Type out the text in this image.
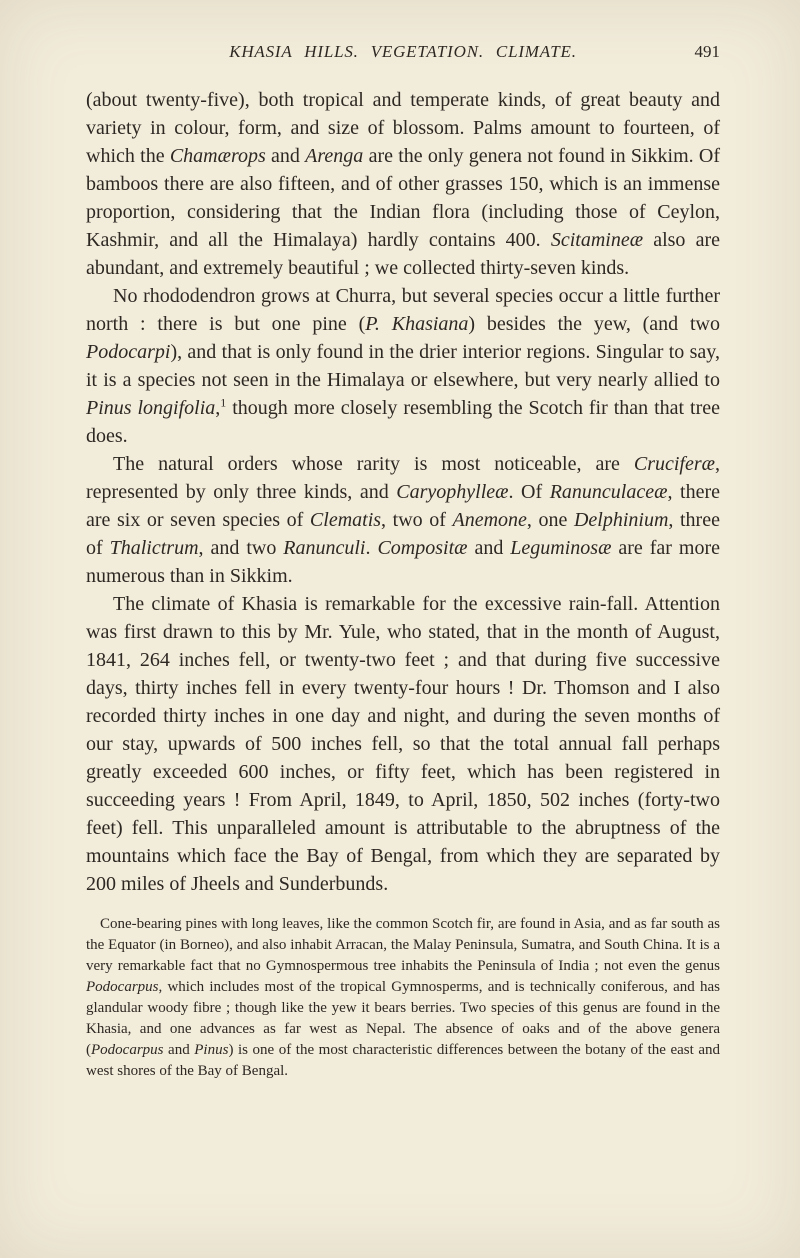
KHASIA HILLS. VEGETATION. CLIMATE.	491

(about twenty-five), both tropical and temperate kinds, of great beauty and variety in colour, form, and size of blossom. Palms amount to fourteen, of which the Chamærops and Arenga are the only genera not found in Sikkim. Of bamboos there are also fifteen, and of other grasses 150, which is an immense proportion, considering that the Indian flora (including those of Ceylon, Kashmir, and all the Himalaya) hardly contains 400. Scitamineæ also are abundant, and extremely beautiful ; we collected thirty-seven kinds.

No rhododendron grows at Churra, but several species occur a little further north : there is but one pine (P. Khasiana) besides the yew, (and two Podocarpi), and that is only found in the drier interior regions. Singular to say, it is a species not seen in the Himalaya or elsewhere, but very nearly allied to Pinus longifolia,$^1$ though more closely resembling the Scotch fir than that tree does.

The natural orders whose rarity is most noticeable, are Cruciferæ, represented by only three kinds, and Caryophylleæ. Of Ranunculaceæ, there are six or seven species of Clematis, two of Anemone, one Delphinium, three of Thalictrum, and two Ranunculi. Compositæ and Leguminosæ are far more numerous than in Sikkim.

The climate of Khasia is remarkable for the excessive rain-fall. Attention was first drawn to this by Mr. Yule, who stated, that in the month of August, 1841, 264 inches fell, or twenty-two feet ; and that during five successive days, thirty inches fell in every twenty-four hours ! Dr. Thomson and I also recorded thirty inches in one day and night, and during the seven months of our stay, upwards of 500 inches fell, so that the total annual fall perhaps greatly exceeded 600 inches, or fifty feet, which has been registered in succeeding years ! From April, 1849, to April, 1850, 502 inches (forty-two feet) fell. This unparalleled amount is attributable to the abruptness of the mountains which face the Bay of Bengal, from which they are separated by 200 miles of Jheels and Sunderbunds.

Cone-bearing pines with long leaves, like the common Scotch fir, are found in Asia, and as far south as the Equator (in Borneo), and also inhabit Arracan, the Malay Peninsula, Sumatra, and South China. It is a very remarkable fact that no Gymnospermous tree inhabits the Peninsula of India ; not even the genus Podocarpus, which includes most of the tropical Gymnosperms, and is technically coniferous, and has glandular woody fibre ; though like the yew it bears berries. Two species of this genus are found in the Khasia, and one advances as far west as Nepal. The absence of oaks and of the above genera (Podocarpus and Pinus) is one of the most characteristic differences between the botany of the east and west shores of the Bay of Bengal.
